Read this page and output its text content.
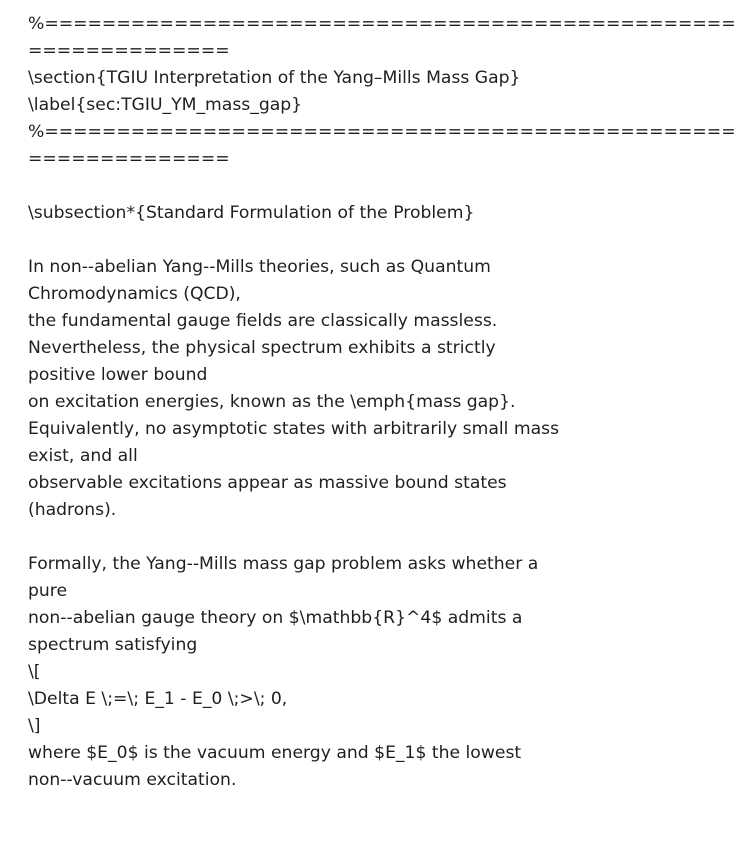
%================================================
==============
\section{TGIU Interpretation of the Yang–Mills Mass Gap}
\label{sec:TGIU_YM_mass_gap}
%================================================
==============
\subsection*{Standard Formulation of the Problem}
In non--abelian Yang--Mills theories, such as Quantum
Chromodynamics (QCD),
the fundamental gauge fields are classically massless.
Nevertheless, the physical spectrum exhibits a strictly
positive lower bound
on excitation energies, known as the \emph{mass gap}.
Equivalently, no asymptotic states with arbitrarily small mass
exist, and all
observable excitations appear as massive bound states
(hadrons).
Formally, the Yang--Mills mass gap problem asks whether a
pure
non--abelian gauge theory on $\mathbb{R}^4$ admits a
spectrum satisfying
\[
\Delta E \;=\; E_1 - E_0 \;>\; 0,
\]
where $E_0$ is the vacuum energy and $E_1$ the lowest
non--vacuum excitation.
